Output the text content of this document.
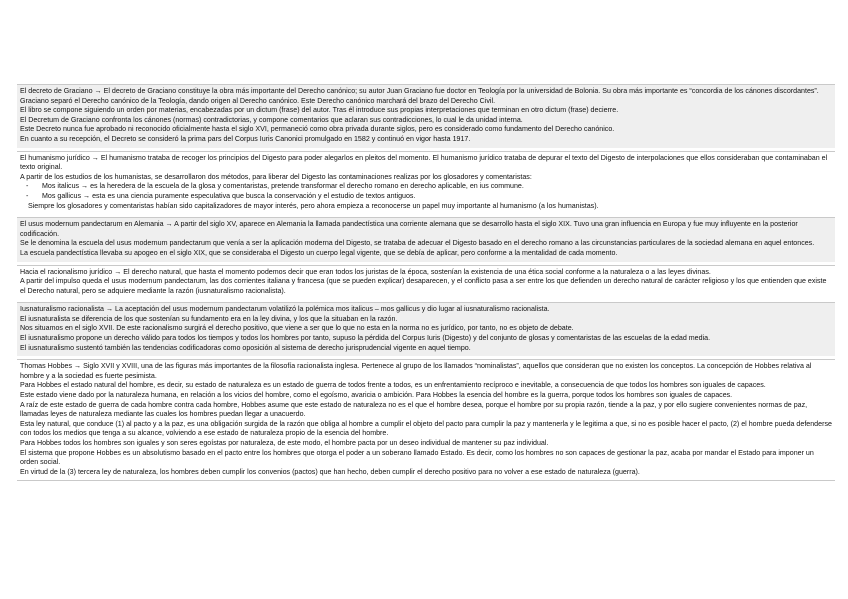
El decreto de Graciano → El decreto de Graciano constituye la obra más importante del Derecho canónico; su autor Juan Graciano fue doctor en Teología por la universidad de Bolonia. Su obra más importante es “concordia de los cánones discordantes”.

Graciano separó el Derecho canónico de la Teología, dando origen al Derecho canónico. Este Derecho canónico marchará del brazo del Derecho Civil.

El libro se compone siguiendo un orden por materias, encabezadas por un dictum (frase) del autor. Tras él introduce sus propias interpretaciones que terminan en otro dictum (frase) decierre.

El Decretum de Graciano confronta los cánones (normas) contradictorias, y compone comentarios que aclaran sus contradicciones, lo cual le da unidad interna.

Este Decreto nunca fue aprobado ni reconocido oficialmente hasta el siglo XVI, permaneció como obra privada durante siglos, pero es considerado como fundamento del Derecho canónico.

En cuanto a su recepción, el Decreto se consideró la prima pars del Corpus Iuris Canonici promulgado en 1582 y continuó en vigor hasta 1917.

El humanismo jurídico → El humanismo trataba de recoger los principios del Digesto para poder alegarlos en pleitos del momento. El humanismo jurídico trataba de depurar el texto del Digesto de interpolaciones que ellos consideraban que contaminaban el texto original.

A partir de los estudios de los humanistas, se desarrollaron dos métodos, para liberar del Digesto las contaminaciones realizas por los glosadores y comentaristas:

- Mos italicus → es la heredera de la escuela de la glosa y comentaristas, pretende transformar el derecho romano en derecho aplicable, en ius commune.

- Mos gallicus → esta es una ciencia puramente especulativa que busca la conservación y el estudio de textos antiguos.

Siempre los glosadores y comentaristas habían sido capitalizadores de mayor interés, pero ahora empieza a reconocerse un papel muy importante al humanismo (a los humanistas).

El usus modernum pandectarum en Alemania → A partir del siglo XV, aparece en Alemania la llamada pandectística una corriente alemana que se desarrollo hasta el siglo XIX. Tuvo una gran influencia en Europa y fue muy influyente en la posterior codificación.

Se le denomina la escuela del usus modernum pandectarum que venía a ser la aplicación moderna del Digesto, se trataba de adecuar el Digesto basado en el derecho romano a las circunstancias particulares de la sociedad alemana en aquel entonces.

La escuela pandectística llevaba su apogeo en el siglo XIX, que se consideraba el Digesto un cuerpo legal vigente, que se debía de aplicar, pero conforme a la mentalidad de cada momento.

Hacia el racionalismo jurídico → El derecho natural, que hasta el momento podemos decir que eran todos los juristas de la época, sostenían la existencia de una ética social conforme a la naturaleza o a las leyes divinas.

A partir del impulso queda el usus modernum pandectarum, las dos corrientes italiana y francesa (que se pueden explicar) desaparecen, y el conflicto pasa a ser entre los que defienden un derecho natural de carácter religioso y los que entienden que existe el Derecho natural, pero se adquiere mediante la razón (iusnaturalismo racionalista).

Iusnaturalismo racionalista → La aceptación del usus modernum pandectarum volatilizó la polémica mos italicus – mos gallicus y dio lugar al iusnaturalismo racionalista.

El iusnaturalista se diferencia de los que sostenían su fundamento era en la ley divina, y los que la situaban en la razón.

Nos situamos en el siglo XVII. De este racionalismo surgirá el derecho positivo, que viene a ser que lo que no esta en la norma no es jurídico, por tanto, no es objeto de debate.

El iusnaturalismo propone un derecho válido para todos los tiempos y todos los hombres por tanto, supuso la pérdida del Corpus Iuris (Digesto) y del conjunto de glosas y comentaristas de las escuelas de la edad media.

El iusnaturalismo sustentó también las tendencias codificadoras como oposición al sistema de derecho jurisprudencial vigente en aquel tiempo.

Thomas Hobbes → Siglo XVII y XVIII, una de las figuras más importantes de la filosofía racionalista inglesa. Pertenece al grupo de los llamados “nominalistas”, aquellos que consideran que no existen los conceptos. La concepción de Hobbes relativa al hombre y a la sociedad es fuerte pesimista.

Para Hobbes el estado natural del hombre, es decir, su estado de naturaleza es un estado de guerra de todos frente a todos, es un enfrentamiento recíproco e inevitable, a consecuencia de que todos los hombres son iguales de capaces.

Este estado viene dado por la naturaleza humana, en relación a los vicios del hombre, como el egoísmo, avaricia o ambición. Para Hobbes la esencia del hombre es la guerra, porque todos los hombres son iguales de capaces.

A raíz de este estado de guerra de cada hombre contra cada hombre, Hobbes asume que este estado de naturaleza no es el que el hombre desea, porque el hombre por su propia razón, tiende a la paz, y por ello sugiere convenientes normas de paz, llamadas leyes de naturaleza mediante las cuales los hombres puedan llegar a unacuerdo.

Esta ley natural, que conduce (1) al pacto y a la paz, es una obligación surgida de la razón que obliga al hombre a cumplir el objeto del pacto para cumplir la paz y mantenerla y le legitima a que, si no es posible hacer el pacto, (2) el hombre pueda defenderse con todos los medios que tenga a su alcance, volviendo a ese estado de naturaleza propio de la esencia del hombre.

Para Hobbes todos los hombres son iguales y son seres egoístas por naturaleza, de este modo, el hombre pacta por un deseo individual de mantener su paz individual.

El sistema que propone Hobbes es un absolutismo basado en el pacto entre los hombres que otorga el poder a un soberano llamado Estado. Es decir, como los hombres no son capaces de gestionar la paz, acaba por mandar el Estado para imponer un orden social.

En virtud de la (3) tercera ley de naturaleza, los hombres deben cumplir los convenios (pactos) que han hecho, deben cumplir el derecho positivo para no volver a ese estado de naturaleza (guerra).
